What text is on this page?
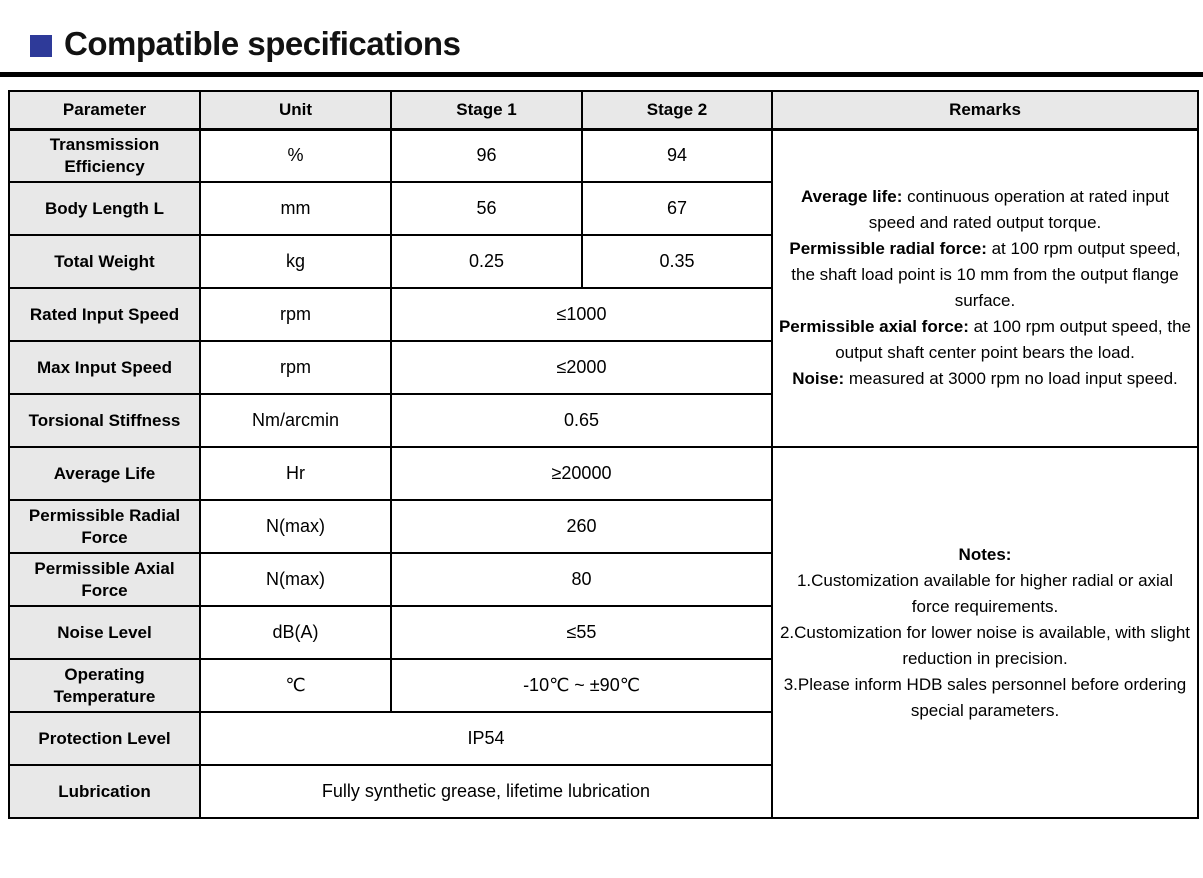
Compatible specifications
Parameter	Unit	Stage 1	Stage 2	Remarks
Transmission Efficiency	%	96	94	Average life: continuous operation at rated input speed and rated output torque.

Permissible radial force: at 100 rpm output speed, the shaft load point is 10 mm from the output flange surface.

Permissible axial force: at 100 rpm output speed, the output shaft center point bears the load.

Noise: measured at 3000 rpm no load input speed.

Body Length L	mm	56	67	
Total Weight	kg	0.25	0.35	
Rated Input Speed	rpm	≤1000		
Max Input Speed	rpm	≤2000		
Torsional Stiffness	Nm/arcmin	0.65		
Average Life	Hr	≥20000		Notes:

1.Customization available for higher radial or axial force requirements.

2.Customization for lower noise is available, with slight reduction in precision.

3.Please inform HDB sales personnel before ordering special parameters.

Permissible Radial Force	N(max)	260		
Permissible Axial Force	N(max)	80		
Noise Level	dB(A)	≤55		
Operating Temperature	℃	-10℃ ~ ±90℃		
Protection Level	IP54			
Lubrication	Fully synthetic grease, lifetime lubrication			
